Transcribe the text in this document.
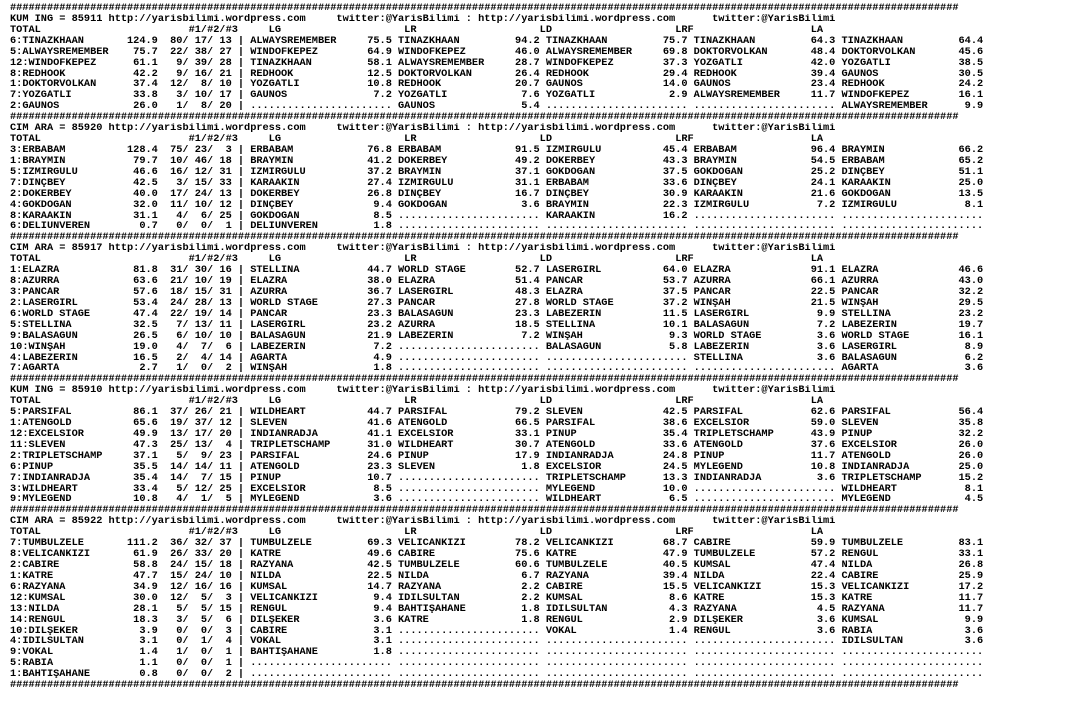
##########################################################################################################################################################
KUM ING = 85911 http://yarisbilimi.wordpress.com     twitter:@YarisBilimi : http://yarisbilimi.wordpress.com      twitter:@YarisBilimi
TOTAL                        #1/#2/#3     LG                    LR                    LD                    LRF                   LA
6:TINAZKHAAN       124.9  80/ 17/ 13 | ALWAYSREMEMBER     75.5 TINAZKHAAN         94.2 TINAZKHAAN         75.7 TINAZKHAAN         64.3 TINAZKHAAN         64.4
5:ALWAYSREMEMBER    75.7  22/ 38/ 27 | WINDOFKEPEZ        64.9 WINDOFKEPEZ        46.0 ALWAYSREMEMBER     69.8 DOKTORVOLKAN       48.4 DOKTORVOLKAN       45.6
12:WINDOFKEPEZ      61.1   9/ 39/ 28 | TINAZKHAAN         58.1 ALWAYSREMEMBER     28.7 WINDOFKEPEZ        37.3 YOZGATLI           42.0 YOZGATLI           38.5
8:REDHOOK           42.2   9/ 16/ 21 | REDHOOK            12.5 DOKTORVOLKAN       26.4 REDHOOK            29.4 REDHOOK            39.4 GAUNOS             30.5
1:DOKTORVOLKAN      37.4  12/  8/ 10 | YOZGATLI           10.8 REDHOOK            20.7 GAUNOS             14.0 GAUNOS             23.4 REDHOOK            24.2
7:YOZGATLI          33.8   3/ 10/ 17 | GAUNOS              7.2 YOZGATLI            7.6 YOZGATLI            2.9 ALWAYSREMEMBER     11.7 WINDOFKEPEZ        16.1
2:GAUNOS            26.0   1/  8/ 20 | ....................... GAUNOS              5.4 ....................... ....................... ALWAYSREMEMBER      9.9
##########################################################################################################################################################
CIM ARA = 85920 http://yarisbilimi.wordpress.com     twitter:@YarisBilimi : http://yarisbilimi.wordpress.com      twitter:@YarisBilimi
TOTAL                        #1/#2/#3     LG                    LR                    LD                    LRF                   LA
3:ERBABAM          128.4  75/ 23/  3 | ERBABAM            76.8 ERBABAM            91.5 İZMIRGÜLÜ          45.4 ERBABAM            96.4 BRAYMIN            66.2
1:BRAYMIN           79.7  10/ 46/ 18 | BRAYMIN            41.2 DÖKERBEY           49.2 DÖKERBEY           43.3 BRAYMIN            54.5 ERBABAM            65.2
5:İZMIRGÜLÜ         46.6  16/ 12/ 31 | İZMIRGÜLÜ          37.2 BRAYMIN            37.1 GÖKDOĞAN           37.5 GÖKDOĞAN           25.2 DİNÇBEY            51.1
7:DİNÇBEY           42.5   3/ 15/ 33 | KARAAKIN           27.4 İZMIRGÜLÜ          31.1 ERBABAM            33.6 DİNÇBEY            24.1 KARAAKIN           25.0
2:DÖKERBEY          40.0  17/ 24/ 13 | DÖKERBEY           26.8 DİNÇBEY            16.7 DİNÇBEY            30.9 KARAAKIN           21.6 GÖKDOĞAN           13.5
4:GÖKDOĞAN          32.0  11/ 10/ 12 | DİNÇBEY             9.4 GÖKDOĞAN            3.6 BRAYMIN            22.3 İZMIRGÜLÜ           7.2 İZMIRGÜLÜ           8.1
8:KARAAKIN          31.1   4/  6/ 25 | GÖKDOĞAN            8.5 ....................... KARAAKIN           16.2 ....................... .......................
6:DELIÜNVEREN        0.7   0/  0/  1 | DELIÜNVEREN         1.8 ....................... ....................... ....................... .......................
##########################################################################################################################################################
CIM ARA = 85917 http://yarisbilimi.wordpress.com     twitter:@YarisBilimi : http://yarisbilimi.wordpress.com      twitter:@YarisBilimi
TOTAL                        #1/#2/#3     LG                    LR                    LD                    LRF                   LA
1:ELAZRA            81.8  31/ 30/ 16 | STELLINA           44.7 WORLD STAGE        52.7 LASERGIRL          64.0 ELAZRA             91.1 ELAZRA             46.6
8:AZURRA            63.6  21/ 10/ 19 | ELAZRA             38.0 ELAZRA             51.4 PANCAR             53.7 AZURRA             66.1 AZURRA             43.0
3:PANCAR            57.6  18/ 15/ 31 | AZURRA             36.7 LASERGIRL          48.3 ELAZRA             37.5 PANCAR             22.5 PANCAR             32.2
2:LASERGIRL         53.4  24/ 28/ 13 | WORLD STAGE        27.3 PANCAR             27.8 WORLD STAGE        37.2 WİNŞAH             21.5 WİNŞAH             29.5
6:WORLD STAGE       47.4  22/ 19/ 14 | PANCAR             23.3 BALASAGUN          23.3 LABEZERIN          11.5 LASERGIRL           9.9 STELLINA           23.2
5:STELLINA          32.5   7/ 13/ 11 | LASERGIRL          23.2 AZURRA             18.5 STELLINA           10.1 BALASAGUN           7.2 LABEZERIN          19.7
9:BALASAGUN         26.5   6/ 10/ 10 | BALASAGUN          21.9 LABEZERIN           7.2 WİNŞAH              9.3 WORLD STAGE         3.6 WORLD STAGE        16.1
10:WİNŞAH           19.0   4/  7/  6 | LABEZERIN           7.2 ....................... BALASAGUN           5.8 LABEZERIN           3.6 LASERGIRL           8.9
4:LABEZERIN         16.5   2/  4/ 14 | AGARTA              4.9 ....................... ....................... STELLINA            3.6 BALASAGUN           6.2
7:AGARTA             2.7   1/  0/  2 | WİNŞAH              1.8 ....................... ....................... ....................... AGARTA              3.6
##########################################################################################################################################################
KUM ING = 85910 http://yarisbilimi.wordpress.com     twitter:@YarisBilimi : http://yarisbilimi.wordpress.com      twitter:@YarisBilimi
TOTAL                        #1/#2/#3     LG                    LR                    LD                    LRF                   LA
5:PARSIFAL          86.1  37/ 26/ 21 | WILDHEART          44.7 PARSIFAL           79.2 SLEVEN             42.5 PARSIFAL           62.6 PARSIFAL           56.4
1:ATENGOLD          65.6  19/ 37/ 12 | SLEVEN             41.6 ATENGOLD           66.5 PARSIFAL           38.6 EXCELSIOR          59.0 SLEVEN             35.8
12:EXCELSIOR        49.9  13/ 17/ 20 | INDIANRADJA        41.1 EXCELSIOR          33.1 PINUP              35.4 TRIPLETSCHAMP      43.9 PINUP              32.2
11:SLEVEN           47.3  25/ 13/  4 | TRIPLETSCHAMP      31.0 WILDHEART          30.7 ATENGOLD           33.6 ATENGOLD           37.6 EXCELSIOR          26.0
2:TRIPLETSCHAMP     37.1   5/  9/ 23 | PARSIFAL           24.6 PINUP              17.9 INDIANRADJA        24.8 PINUP              11.7 ATENGOLD           26.0
6:PINUP             35.5  14/ 14/ 11 | ATENGOLD           23.3 SLEVEN              1.8 EXCELSIOR          24.5 MYLEGEND           10.8 INDIANRADJA        25.0
7:INDIANRADJA       35.4  14/  7/ 15 | PINUP              10.7 ....................... TRIPLETSCHAMP      13.3 INDIANRADJA         3.6 TRIPLETSCHAMP      15.2
3:WILDHEART         33.4   5/ 12/ 25 | EXCELSIOR           8.5 ....................... MYLEGEND           10.0 ....................... WILDHEART           8.1
9:MYLEGEND          10.8   4/  1/  5 | MYLEGEND            3.6 ....................... WILDHEART           6.5 ....................... MYLEGEND            4.5
##########################################################################################################################################################
CIM ARA = 85922 http://yarisbilimi.wordpress.com     twitter:@YarisBilimi : http://yarisbilimi.wordpress.com      twitter:@YarisBilimi
TOTAL                        #1/#2/#3     LG                    LR                    LD                    LRF                   LA
7:TUMBULZELE       111.2  36/ 32/ 37 | TUMBULZELE         69.3 VELİCANKIZI        78.2 VELİCANKIZI        68.7 CABİRE             59.9 TUMBULZELE         83.1
8:VELİCANKIZI       61.9  26/ 33/ 20 | KATRE              49.6 CABİRE             75.6 KATRE              47.9 TUMBULZELE         57.2 RENGÜL             33.1
2:CABİRE            58.8  24/ 15/ 18 | RAZYANA            42.5 TUMBULZELE         60.6 TUMBULZELE         40.5 KUMSAL             47.4 NILDA              26.8
1:KATRE             47.7  15/ 24/ 10 | NILDA              22.5 NILDA               6.7 RAZYANA            39.4 NILDA              22.4 CABİRE             25.9
6:RAZYANA           34.9  12/ 16/ 16 | KUMSAL             14.7 RAZYANA             2.2 CABİRE             15.5 VELİCANKIZI        15.3 VELİCANKIZI        17.2
12:KUMSAL           30.0  12/  5/  3 | VELİCANKIZI         9.4 İDİLSULTAN          2.2 KUMSAL              8.6 KATRE              15.3 KATRE              11.7
13:NILDA            28.1   5/  5/ 15 | RENGÜL              9.4 BAHTİŞAHANE         1.8 İDİLSULTAN          4.3 RAZYANA             4.5 RAZYANA            11.7
14:RENGÜL           18.3   3/  5/  6 | DİLŞEKER            3.6 KATRE               1.8 RENGÜL              2.9 DİLŞEKER            3.6 KUMSAL              9.9
10:DİLŞEKER          3.9   0/  0/  3 | CABİRE              3.1 ....................... VOKAL               1.4 RENGÜL              3.6 RABİA               3.6
4:İDİLSULTAN         3.1   0/  1/  4 | VOKAL               3.1 ....................... ....................... ....................... İDİLSULTAN          3.6
9:VOKAL              1.4   1/  0/  1 | BAHTİŞAHANE         1.8 ....................... ....................... ....................... .......................
5:RABİA              1.1   0/  0/  1 | ....................... ....................... ....................... ....................... .......................
1:BAHTİŞAHANE        0.8   0/  0/  2 | ....................... ....................... ....................... ....................... .......................
##########################################################################################################################################################
